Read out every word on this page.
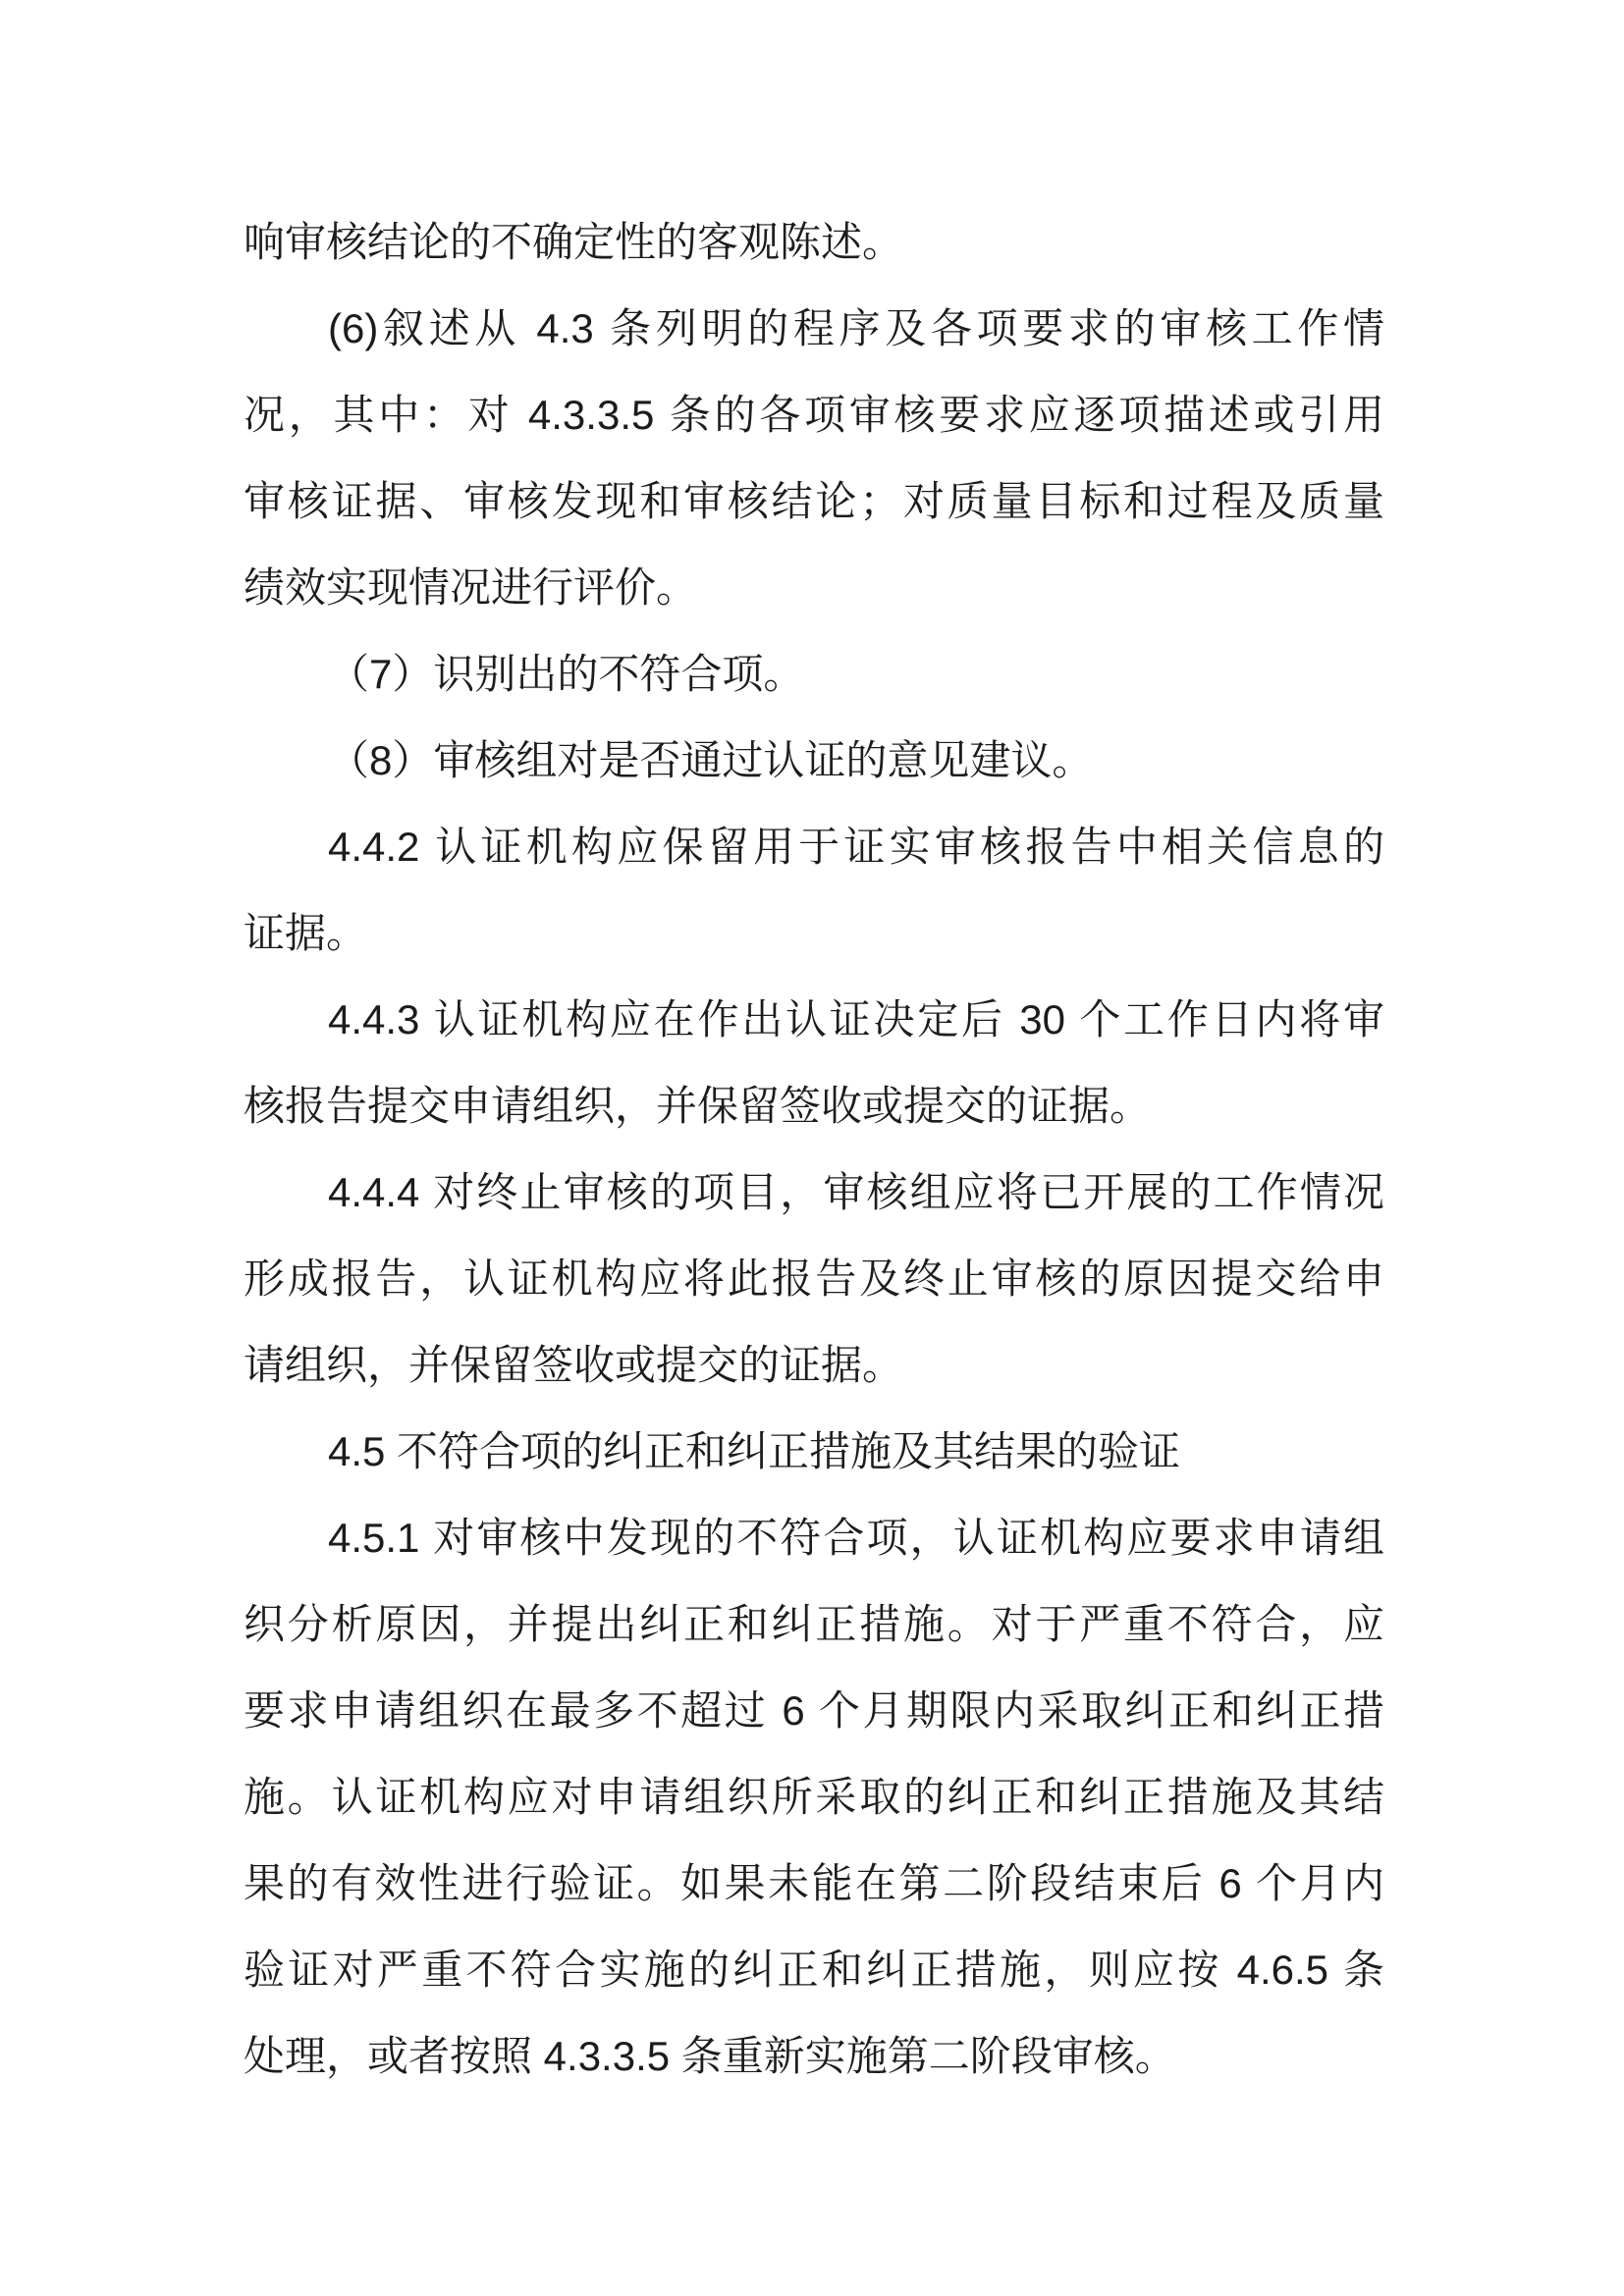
响审核结论的不确定性的客观陈述。
(6)叙述从 4.3 条列明的程序及各项要求的审核工作情
况，其中：对 4.3.3.5 条的各项审核要求应逐项描述或引用
审核证据、审核发现和审核结论；对质量目标和过程及质量
绩效实现情况进行评价。
（7）识别出的不符合项。
（8）审核组对是否通过认证的意见建议。
4.4.2 认证机构应保留用于证实审核报告中相关信息的
证据。
4.4.3 认证机构应在作出认证决定后 30 个工作日内将审
核报告提交申请组织，并保留签收或提交的证据。
4.4.4 对终止审核的项目，审核组应将已开展的工作情况
形成报告，认证机构应将此报告及终止审核的原因提交给申
请组织，并保留签收或提交的证据。
4.5 不符合项的纠正和纠正措施及其结果的验证
4.5.1 对审核中发现的不符合项，认证机构应要求申请组
织分析原因，并提出纠正和纠正措施。对于严重不符合，应
要求申请组织在最多不超过 6 个月期限内采取纠正和纠正措
施。认证机构应对申请组织所采取的纠正和纠正措施及其结
果的有效性进行验证。如果未能在第二阶段结束后 6 个月内
验证对严重不符合实施的纠正和纠正措施，则应按 4.6.5 条
处理，或者按照 4.3.3.5 条重新实施第二阶段审核。
